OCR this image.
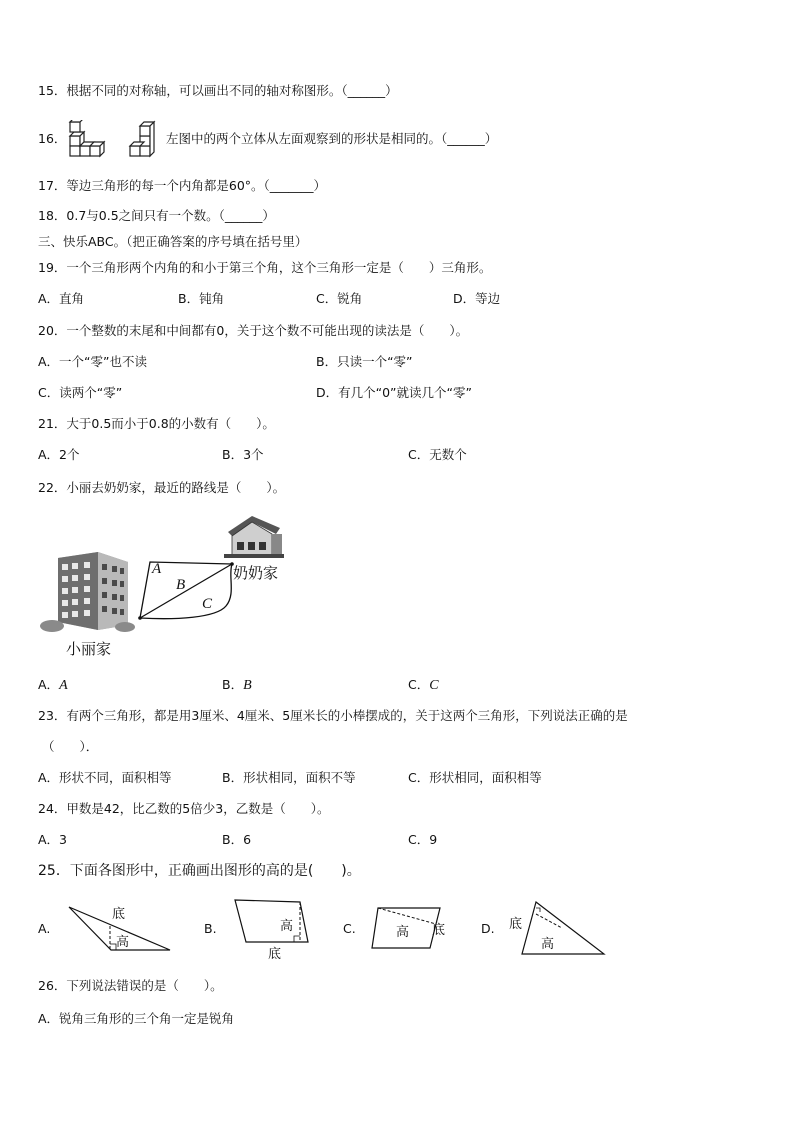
15．根据不同的对称轴，可以画出不同的轴对称图形。（______）
16．	左图中的两个立体从左面观察到的形状是相同的。（______）
17．等边三角形的每一个内角都是60°。（_______）
18．0.7与0.5之间只有一个数。（______）
三、快乐ABC。（把正确答案的序号填在括号里）
19．一个三角形两个内角的和小于第三个角，这个三角形一定是（　　）三角形。
A．直角	B．钝角	C．锐角	D．等边
20．一个整数的末尾和中间都有0，关于这个数不可能出现的读法是（　　）。
A．一个“零”也不读	B．只读一个“零”
C．读两个“零”	D．有几个“0”就读几个“零”
21．大于0.5而小于0.8的小数有（　　）。
A．2个	B．3个	C．无数个
22．小丽去奶奶家，最近的路线是（　　）。
A
B
C
奶奶家
小丽家
A．A	B．B	C．C
23．有两个三角形，都是用3厘米、4厘米、5厘米长的小棒摆成的，关于这两个三角形，下列说法正确的是
（　　）．
A．形状不同，面积相等	B．形状相同，面积不等	C．形状相同，面积相等
24．甲数是42，比乙数的5倍少3，乙数是（　　）。
A．3	B．6	C．9
25．下面各图形中，正确画出图形的高的是(　　)。
A.
底
高
B.	高
底
C.	高 底	D. 底
高
26．下列说法错误的是（　　）。
A．锐角三角形的三个角一定是锐角
